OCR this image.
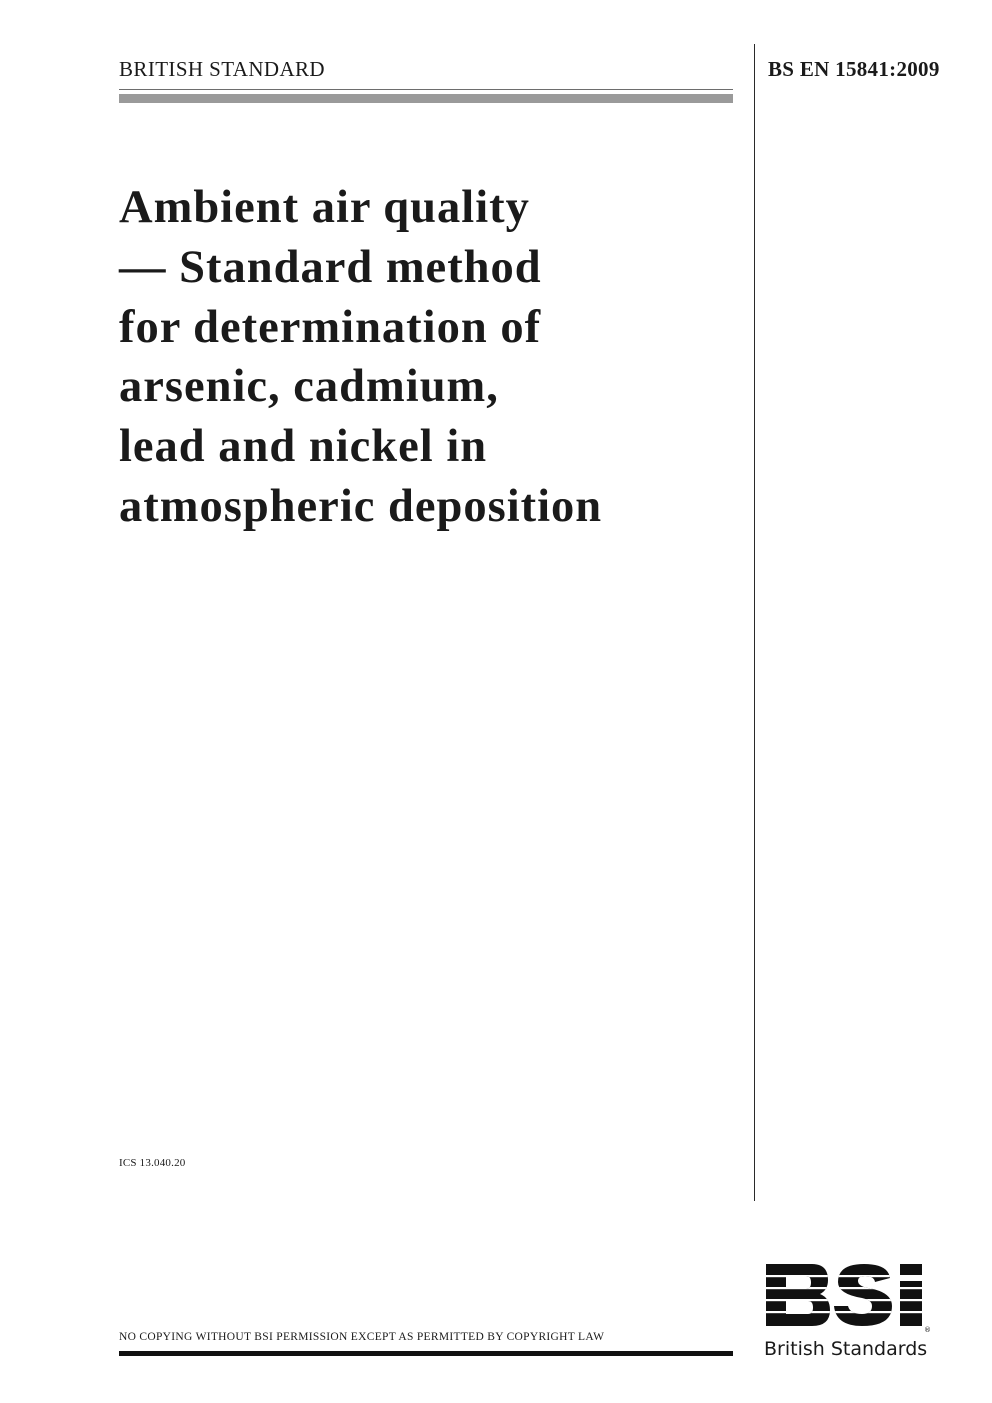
BRITISH STANDARD	BS EN 15841:2009
Ambient air quality
— Standard method
for determination of
arsenic, cadmium,
lead and nickel in
atmospheric deposition
ICS 13.040.20
NO COPYING WITHOUT BSI PERMISSION EXCEPT AS PERMITTED BY COPYRIGHT LAW
®
British Standards
